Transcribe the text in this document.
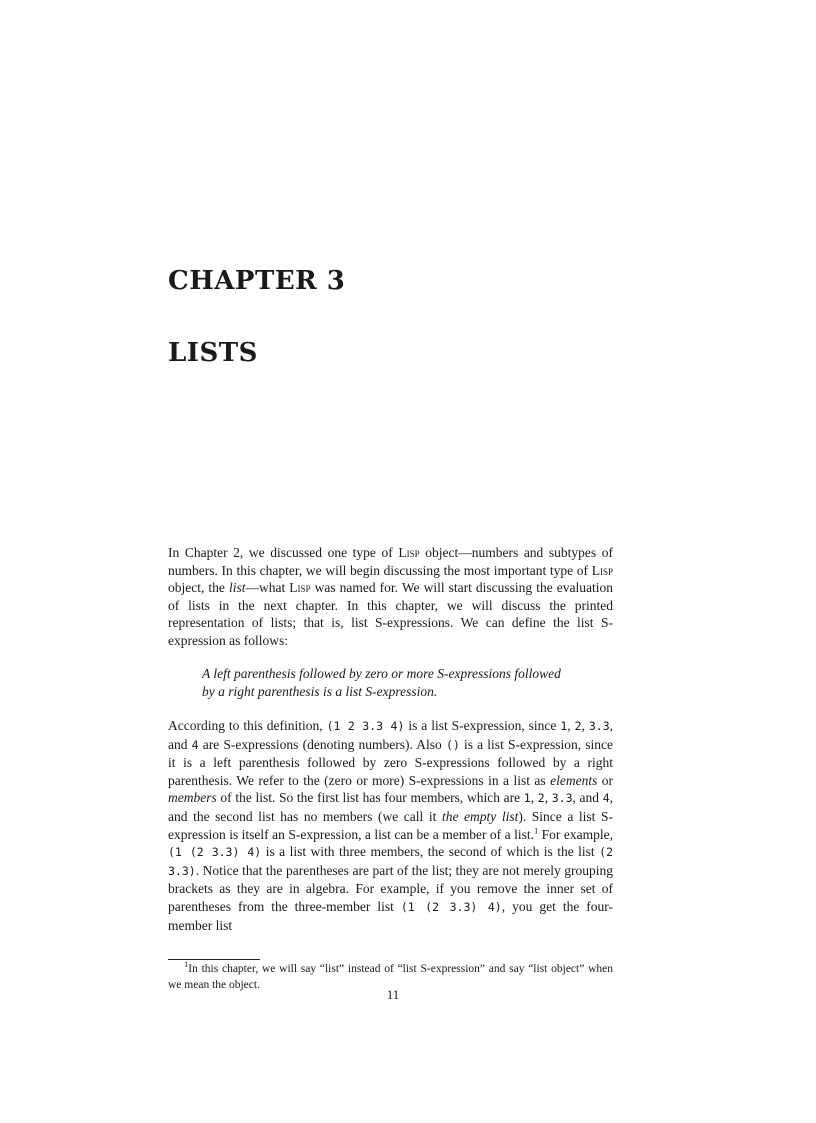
CHAPTER 3
LISTS

In Chapter 2, we discussed one type of Lisp object—numbers and subtypes of numbers. In this chapter, we will begin discussing the most important type of Lisp object, the list—what Lisp was named for. We will start discussing the evaluation of lists in the next chapter. In this chapter, we will discuss the printed representation of lists; that is, list S-expressions. We can define the list S-expression as follows:

A left parenthesis followed by zero or more S-expressions followed
by a right parenthesis is a list S-expression.

According to this definition, (1 2 3.3 4) is a list S-expression, since 1, 2, 3.3, and 4 are S-expressions (denoting numbers). Also () is a list S-expression, since it is a left parenthesis followed by zero S-expressions followed by a right parenthesis. We refer to the (zero or more) S-expressions in a list as elements or members of the list. So the first list has four members, which are 1, 2, 3.3, and 4, and the second list has no members (we call it the empty list). Since a list S-expression is itself an S-expression, a list can be a member of a list.$^1$ For example, (1 (2 3.3) 4) is a list with three members, the second of which is the list (2 3.3). Notice that the parentheses are part of the list; they are not merely grouping brackets as they are in algebra. For example, if you remove the inner set of parentheses from the three-member list (1 (2 3.3) 4), you get the four-member list

$^1$In this chapter, we will say “list” instead of “list S-expression” and say “list object” when we mean the object.

11
